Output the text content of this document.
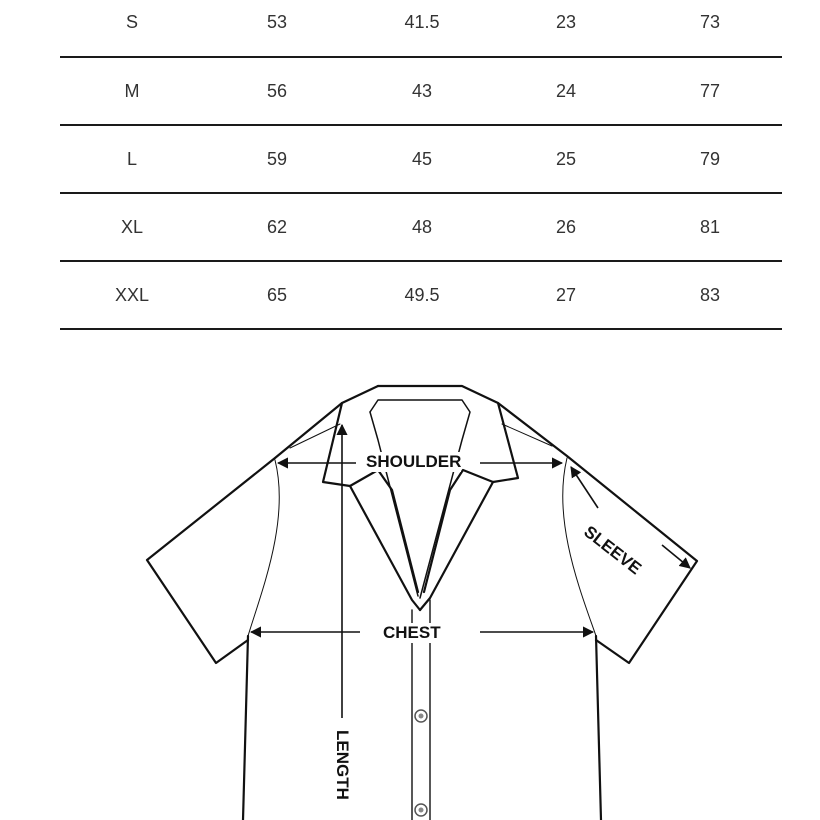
S	53	41.5	23	73
M	56	43	24	77
L	59	45	25	79
XL	62	48	26	81
XXL	65	49.5	27	83
SHOULDER
SLEEVE
CHEST
LENGTH
